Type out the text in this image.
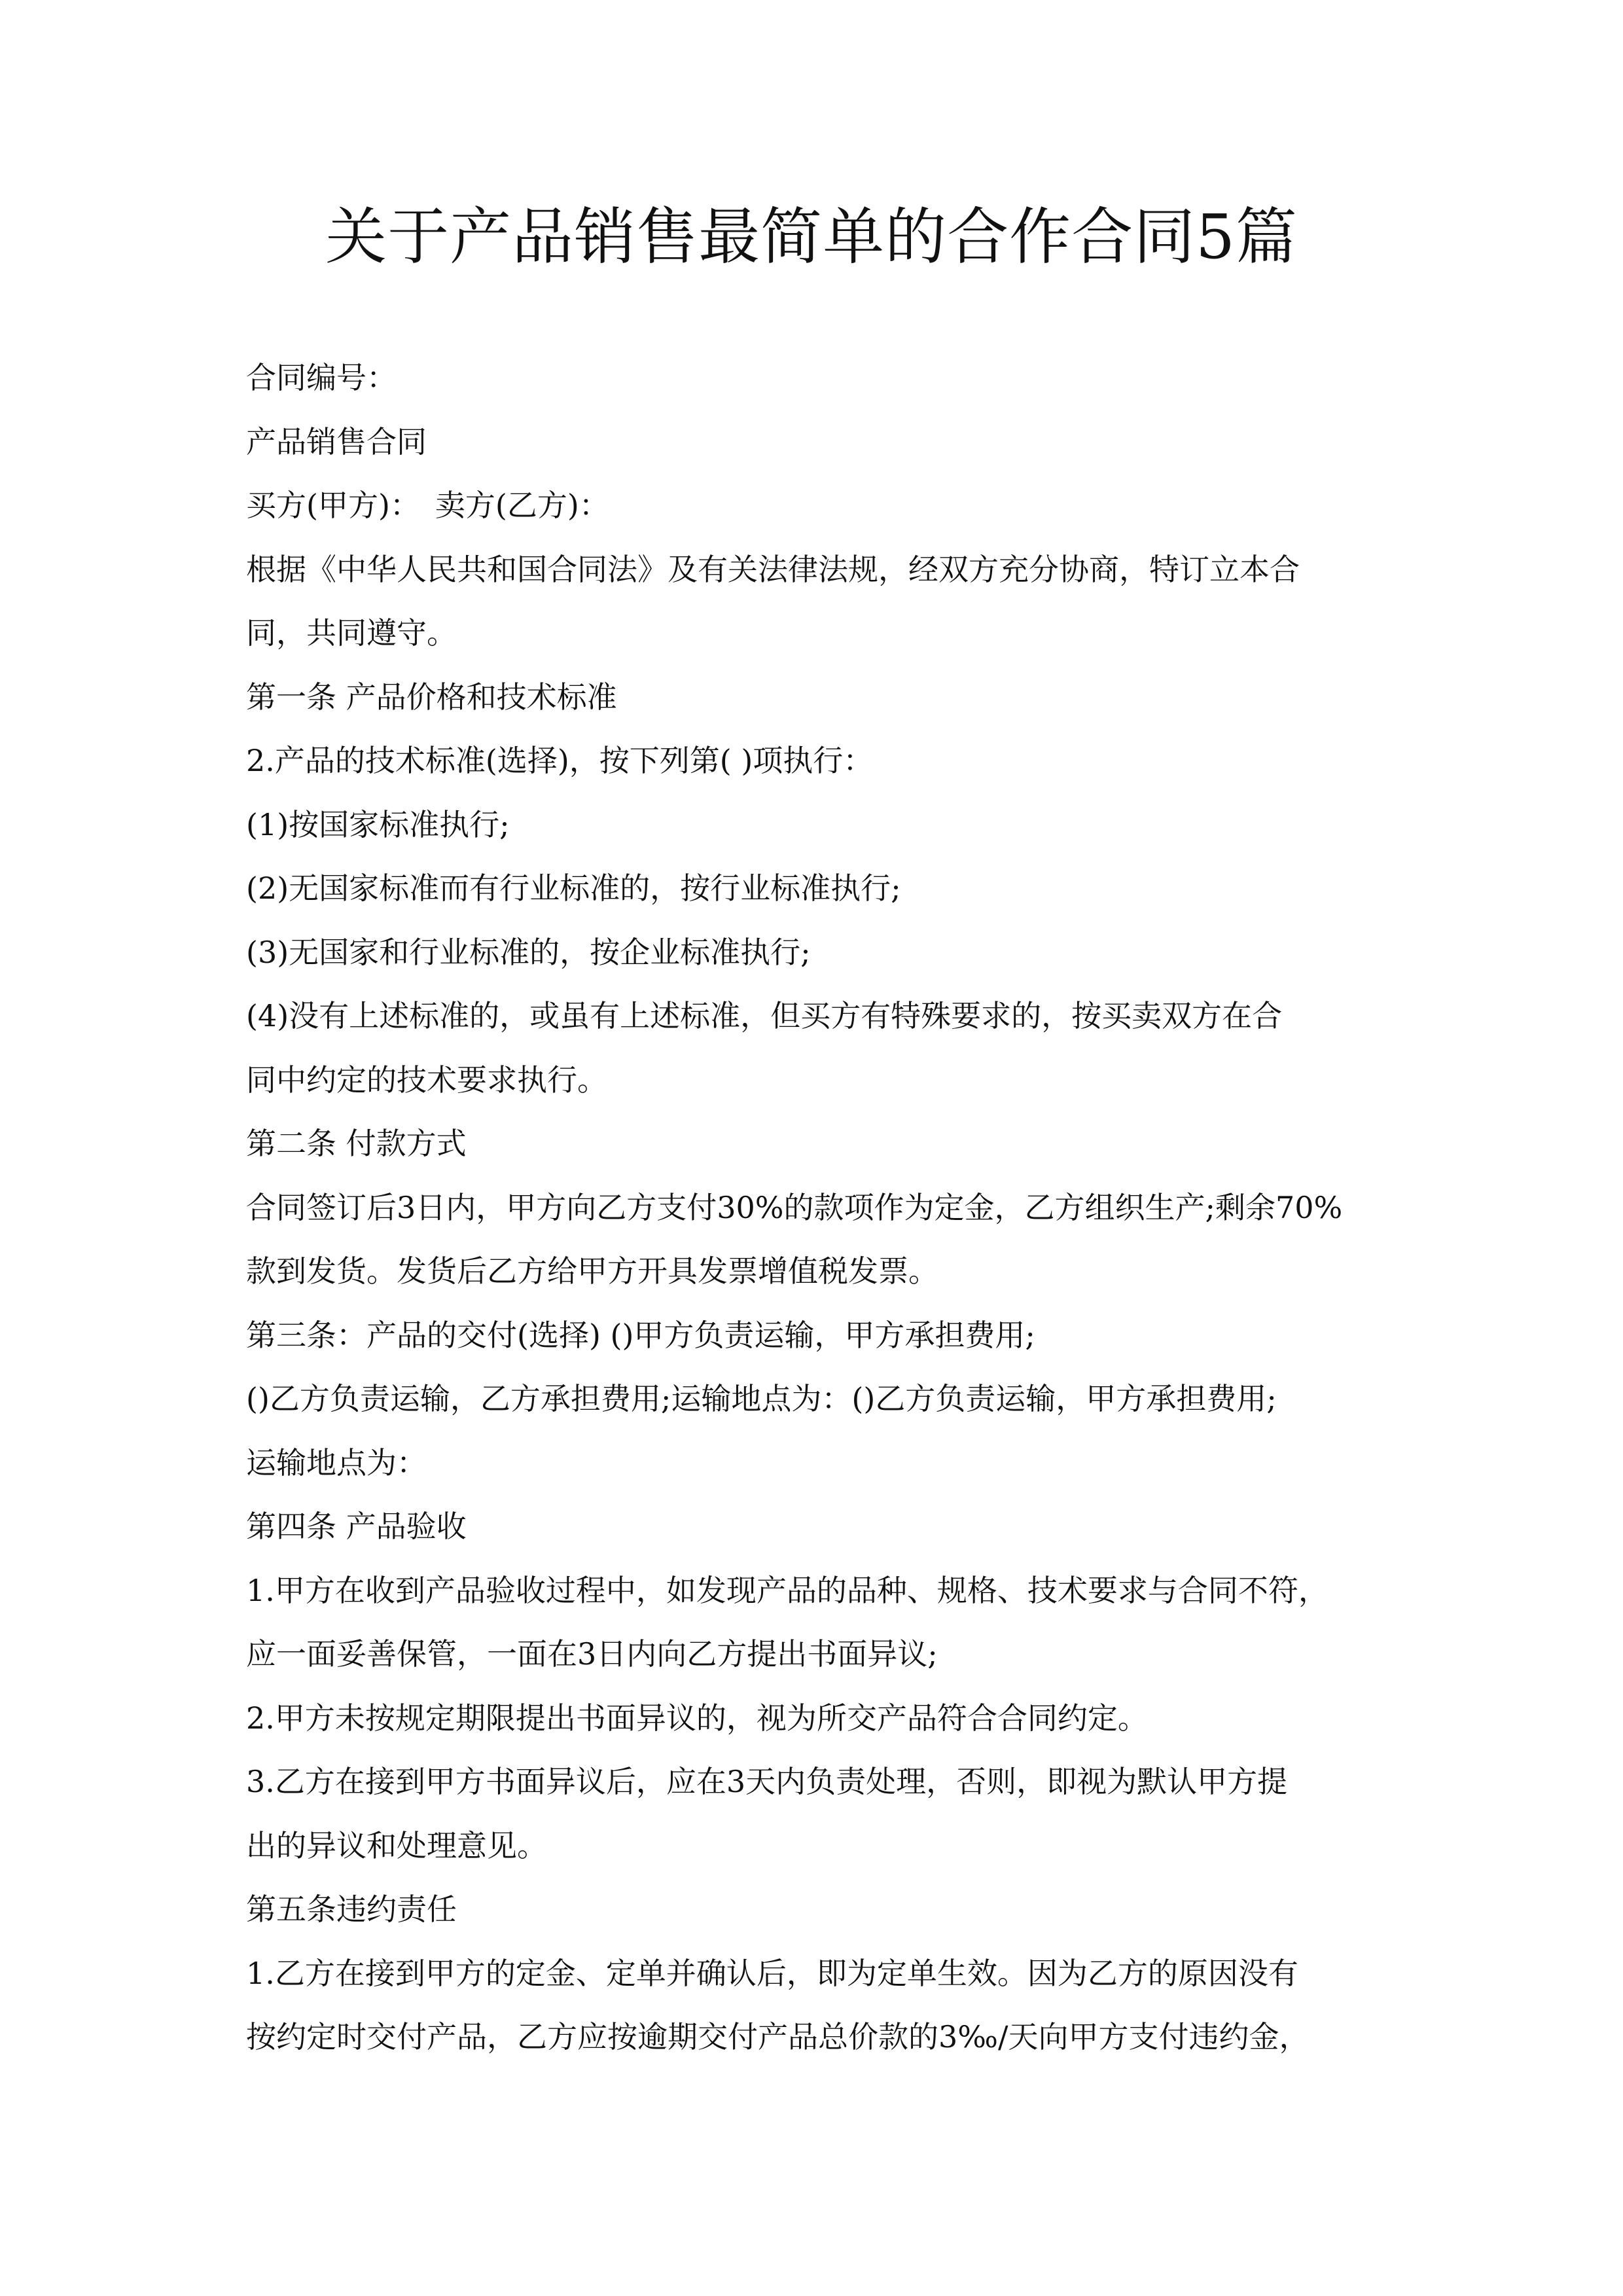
关于产品销售最简单的合作合同5篇
合同编号：
产品销售合同
买方(甲方)：　卖方(乙方)：
根据《中华人民共和国合同法》及有关法律法规，经双方充分协商，特订立本合
同，共同遵守。
第一条 产品价格和技术标准
2.产品的技术标准(选择)，按下列第( )项执行：
(1)按国家标准执行;
(2)无国家标准而有行业标准的，按行业标准执行;
(3)无国家和行业标准的，按企业标准执行;
(4)没有上述标准的，或虽有上述标准，但买方有特殊要求的，按买卖双方在合
同中约定的技术要求执行。
第二条 付款方式
合同签订后3日内，甲方向乙方支付30%的款项作为定金，乙方组织生产;剩余70%
款到发货。发货后乙方给甲方开具发票增值税发票。
第三条：产品的交付(选择) ()甲方负责运输，甲方承担费用;
()乙方负责运输，乙方承担费用;运输地点为：()乙方负责运输，甲方承担费用;
运输地点为：
第四条 产品验收
1.甲方在收到产品验收过程中，如发现产品的品种、规格、技术要求与合同不符，
应一面妥善保管，一面在3日内向乙方提出书面异议;
2.甲方未按规定期限提出书面异议的，视为所交产品符合合同约定。
3.乙方在接到甲方书面异议后，应在3天内负责处理，否则，即视为默认甲方提
出的异议和处理意见。
第五条违约责任
1.乙方在接到甲方的定金、定单并确认后，即为定单生效。因为乙方的原因没有
按约定时交付产品，乙方应按逾期交付产品总价款的3‰/天向甲方支付违约金，
